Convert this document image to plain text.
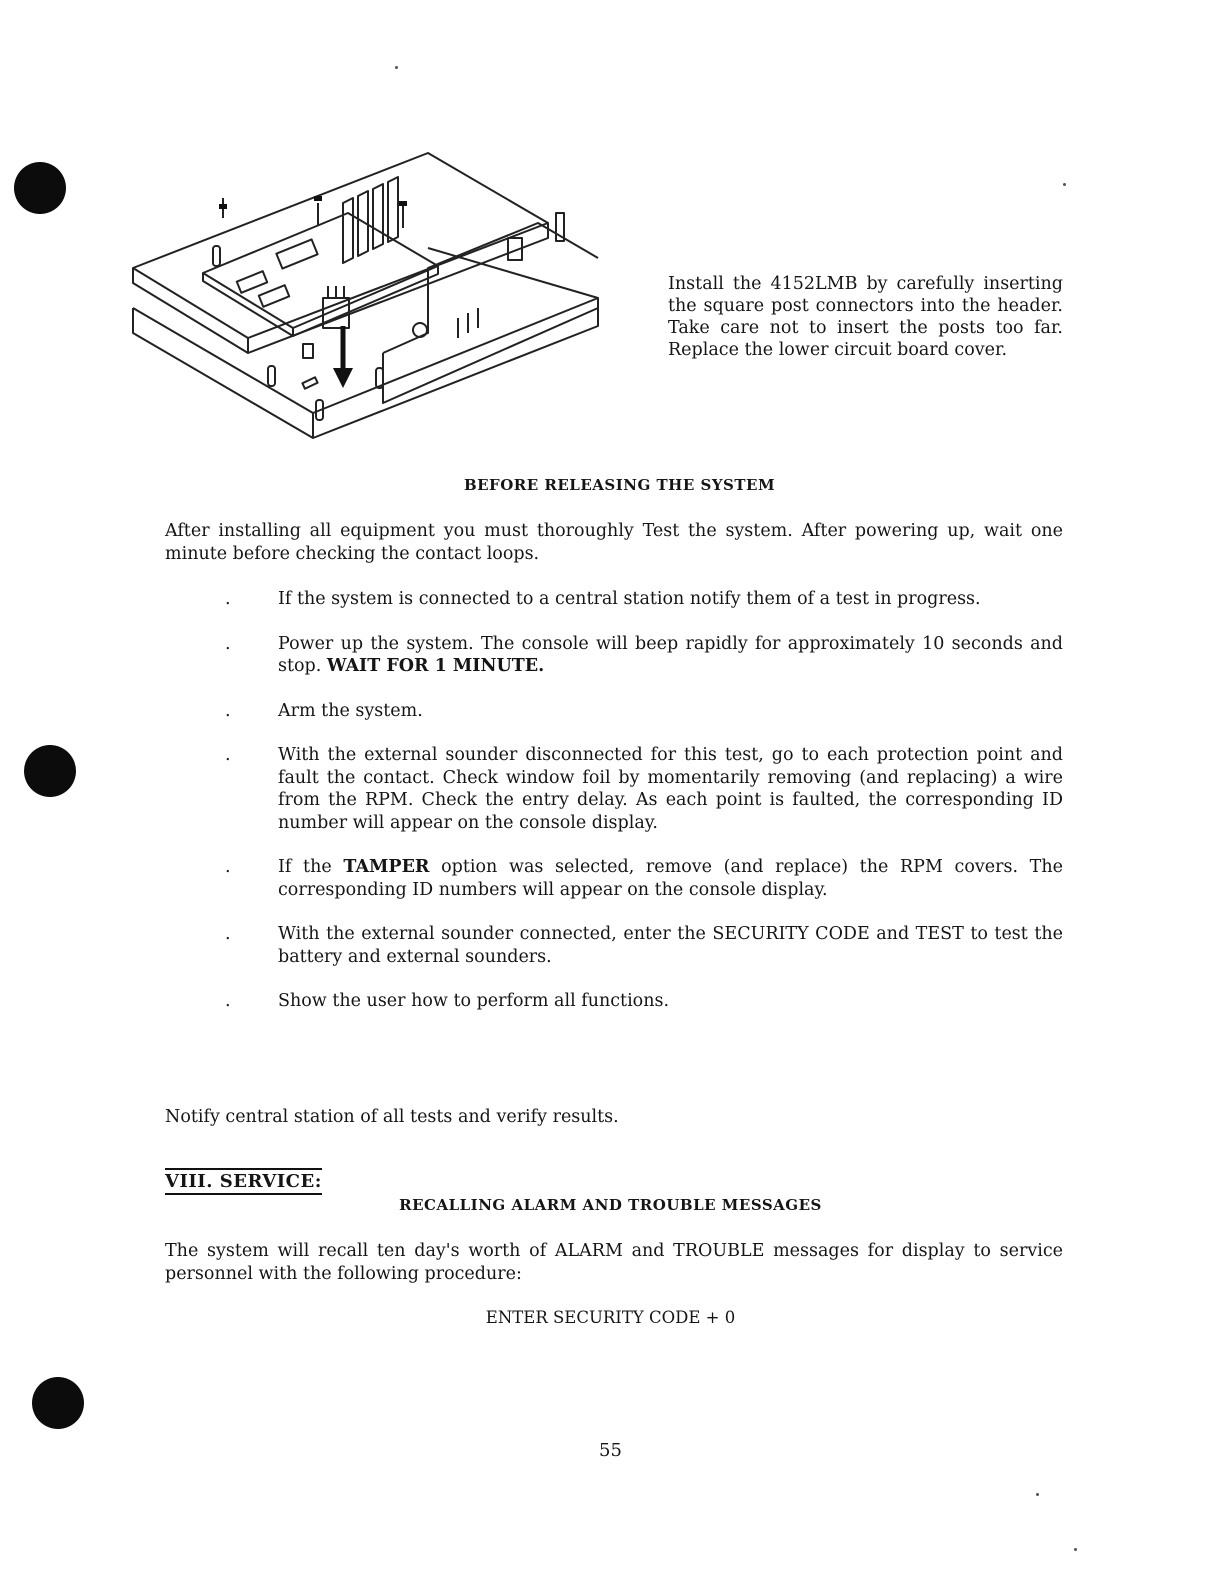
Install the 4152LMB by carefully inserting the square post connectors into the header. Take care not to insert the posts too far. Replace the lower circuit board cover.
BEFORE RELEASING THE SYSTEM
After installing all equipment you must thoroughly Test the system. After powering up, wait one minute before checking the contact loops.
.	If the system is connected to a central station notify them of a test in progress.
.	Power up the system. The console will beep rapidly for approximately 10 seconds and stop. WAIT FOR 1 MINUTE.
.	Arm the system.
.	With the external sounder disconnected for this test, go to each protection point and fault the contact. Check window foil by momentarily removing (and replacing) a wire from the RPM. Check the entry delay. As each point is faulted, the corresponding ID number will appear on the console display.
.	If the TAMPER option was selected, remove (and replace) the RPM covers. The corresponding ID numbers will appear on the console display.
.	With the external sounder connected, enter the SECURITY CODE and TEST to test the battery and external sounders.
.	Show the user how to perform all functions.
Notify central station of all tests and verify results.
VIII. SERVICE:
RECALLING ALARM AND TROUBLE MESSAGES
The system will recall ten day's worth of ALARM and TROUBLE messages for display to service personnel with the following procedure:
ENTER SECURITY CODE + 0
55
